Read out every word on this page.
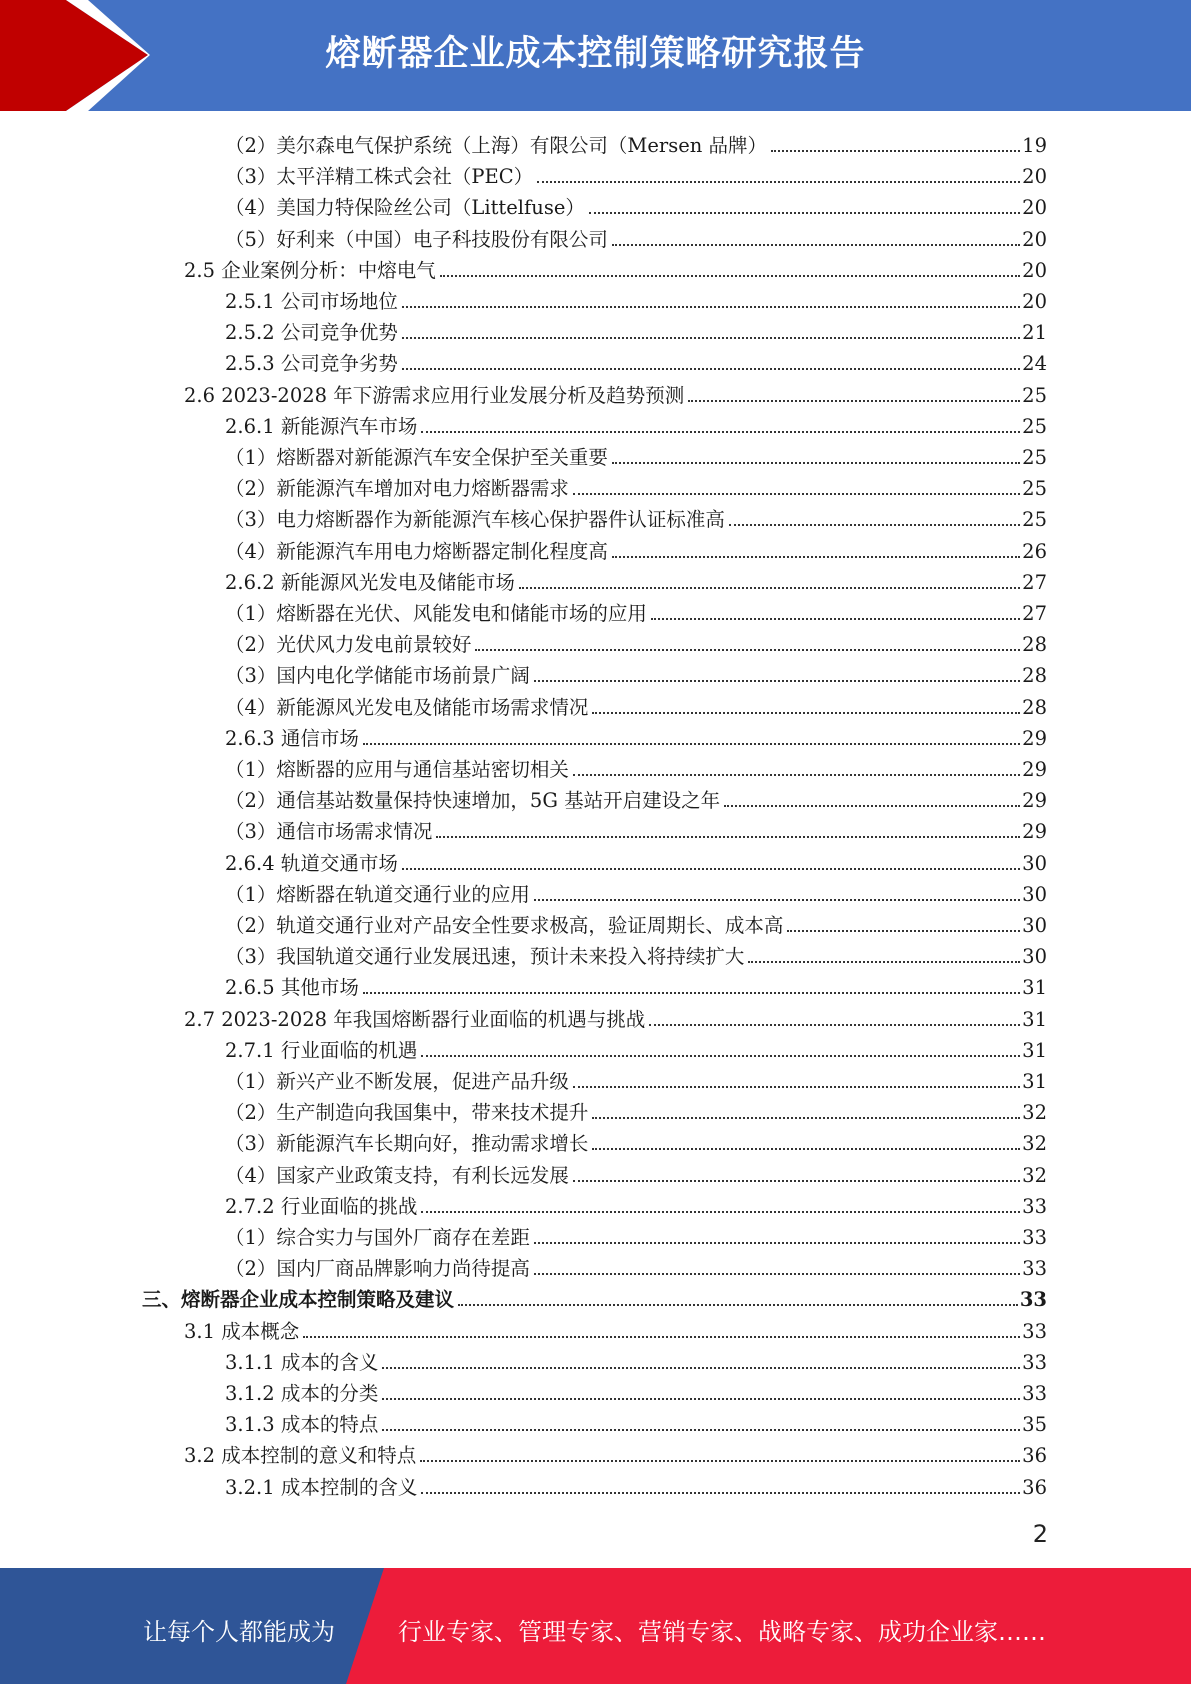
熔断器企业成本控制策略研究报告
（2）美尔森电气保护系统（上海）有限公司（Mersen 品牌）	19
（3）太平洋精工株式会社（PEC）	20
（4）美国力特保险丝公司（Littelfuse）	20
（5）好利来（中国）电子科技股份有限公司	20
2.5 企业案例分析：中熔电气	20
2.5.1 公司市场地位	20
2.5.2 公司竞争优势	21
2.5.3 公司竞争劣势	24
2.6 2023-2028 年下游需求应用行业发展分析及趋势预测	25
2.6.1 新能源汽车市场	25
（1）熔断器对新能源汽车安全保护至关重要	25
（2）新能源汽车增加对电力熔断器需求	25
（3）电力熔断器作为新能源汽车核心保护器件认证标准高	25
（4）新能源汽车用电力熔断器定制化程度高	26
2.6.2 新能源风光发电及储能市场	27
（1）熔断器在光伏、风能发电和储能市场的应用	27
（2）光伏风力发电前景较好	28
（3）国内电化学储能市场前景广阔	28
（4）新能源风光发电及储能市场需求情况	28
2.6.3 通信市场	29
（1）熔断器的应用与通信基站密切相关	29
（2）通信基站数量保持快速增加，5G 基站开启建设之年	29
（3）通信市场需求情况	29
2.6.4 轨道交通市场	30
（1）熔断器在轨道交通行业的应用	30
（2）轨道交通行业对产品安全性要求极高，验证周期长、成本高	30
（3）我国轨道交通行业发展迅速，预计未来投入将持续扩大	30
2.6.5 其他市场	31
2.7 2023-2028 年我国熔断器行业面临的机遇与挑战	31
2.7.1 行业面临的机遇	31
（1）新兴产业不断发展，促进产品升级	31
（2）生产制造向我国集中，带来技术提升	32
（3）新能源汽车长期向好，推动需求增长	32
（4）国家产业政策支持，有利长远发展	32
2.7.2 行业面临的挑战	33
（1）综合实力与国外厂商存在差距	33
（2）国内厂商品牌影响力尚待提高	33
三、熔断器企业成本控制策略及建议	33
3.1 成本概念	33
3.1.1 成本的含义	33
3.1.2 成本的分类	33
3.1.3 成本的特点	35
3.2 成本控制的意义和特点	36
3.2.1 成本控制的含义	36
2
让每个人都能成为	行业专家、管理专家、营销专家、战略专家、成功企业家……
